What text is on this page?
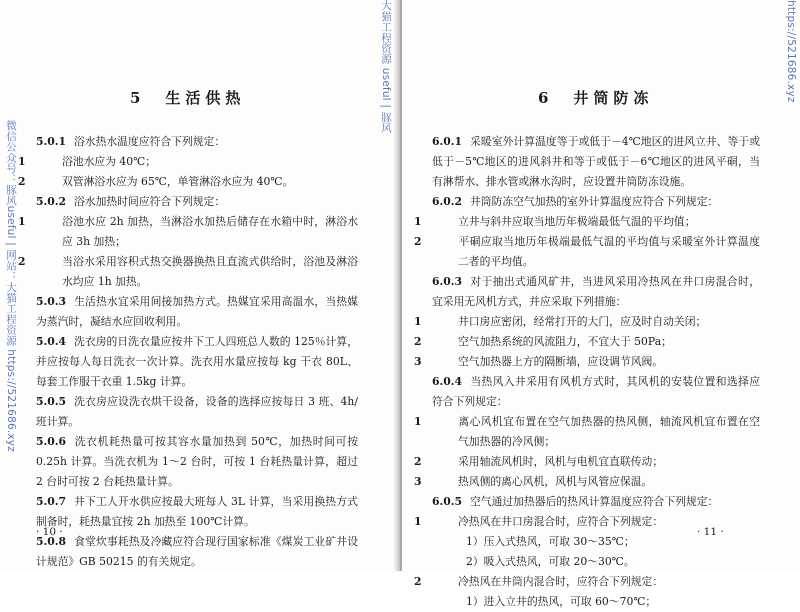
5　生活供热

5.0.1 浴水热水温度应符合下列规定：

1	浴池水应为 40℃；

2	双管淋浴水应为 65℃，单管淋浴水应为 40℃。

5.0.2 浴水加热时间应符合下列规定：

1	浴池水应 2h 加热，当淋浴水加热后储存在水箱中时，淋浴水应 3h 加热；

2	当浴水采用容积式热交换器换热且直流式供给时，浴池及淋浴水均应 1h 加热。

5.0.3 生活热水宜采用间接加热方式。热媒宜采用高温水，当热媒为蒸汽时，凝结水应回收利用。

5.0.4 洗衣房的日洗衣量应按井下工人四班总人数的 125％计算，并应按每人每日洗衣一次计算。洗衣用水量应按每 kg 干衣 80L、每套工作服干衣重 1.5kg 计算。

5.0.5 洗衣房应设洗衣烘干设备，设备的选择应按每日 3 班、4h/班计算。

5.0.6 洗衣机耗热量可按其容水量加热到 50℃，加热时间可按 0.25h 计算。当洗衣机为 1～2 台时，可按 1 台耗热量计算，超过 2 台时可按 2 台耗热量计算。

5.0.7 井下工人开水供应按最大班每人 3L 计算，当采用换热方式制备时，耗热量宜按 2h 加热至 100℃计算。

5.0.8 食堂炊事耗热及冷藏应符合现行国家标准《煤炭工业矿井设计规范》GB 50215 的有关规定。

· 10 ·
6　井筒防冻

6.0.1 采暖室外计算温度等于或低于－4℃地区的进风立井、等于或低于－5℃地区的进风斜井和等于或低于－6℃地区的进风平硐，当有淋帮水、排水管或淋水沟时，应设置井筒防冻设施。

6.0.2 井筒防冻空气加热的室外计算温度应符合下列规定：

1	立井与斜井应取当地历年极端最低气温的平均值；

2	平硐应取当地历年极端最低气温的平均值与采暖室外计算温度二者的平均值。

6.0.3 对于抽出式通风矿井，当进风采用冷热风在井口房混合时，宜采用无风机方式，并应采取下列措施：

1	井口房应密闭，经常打开的大门，应及时自动关闭；

2	空气加热系统的风流阻力，不宜大于 50Pa；

3	空气加热器上方的隔断墙，应设调节风阀。

6.0.4 当热风入井采用有风机方式时，其风机的安装位置和选择应符合下列规定：

1	离心风机宜布置在空气加热器的热风侧，轴流风机宜布置在空气加热器的冷风侧；

2	采用轴流风机时，风机与电机宜直联传动；

3	热风侧的离心风机，风机与风管应保温。

6.0.5 空气通过加热器后的热风计算温度应符合下列规定：

1	冷热风在井口房混合时，应符合下列规定：

1）压入式热风，可取 30～35℃；

2）吸入式热风，可取 20～30℃。

2	冷热风在井筒内混合时，应符合下列规定：

1）进入立井的热风，可取 60～70℃；

· 11 ·
微信公众号：豚风useful | 网站：大猫工程资源 https://521686.xyz
大猫工程资源 useful | 豚风	https://521686.xyz
